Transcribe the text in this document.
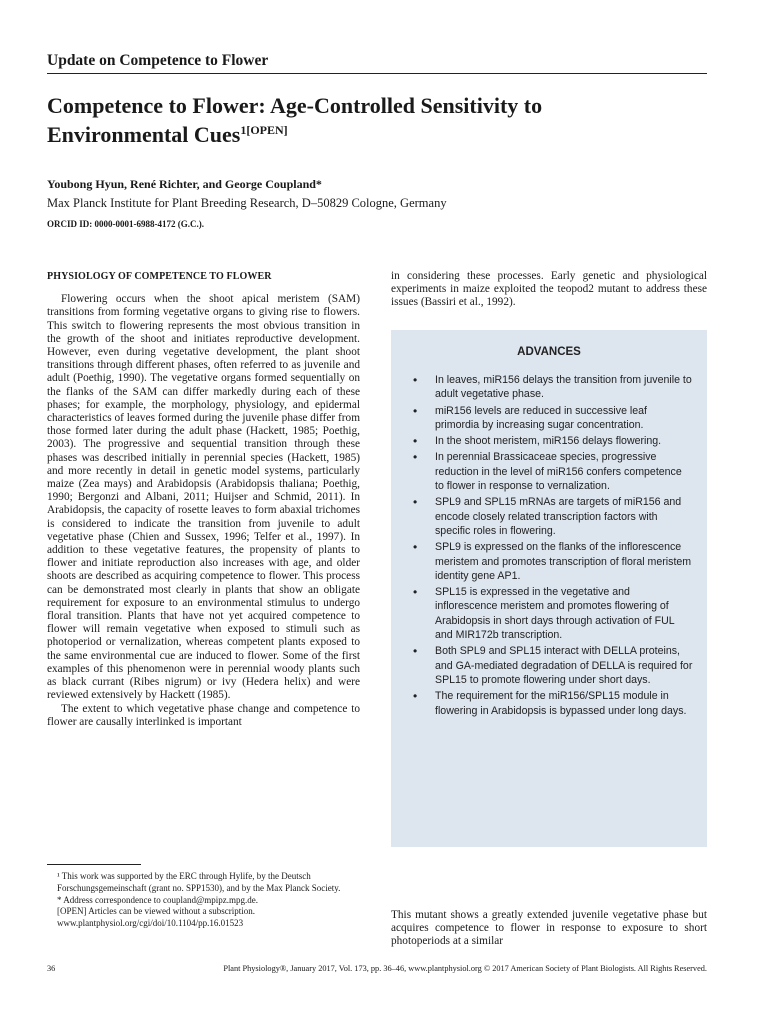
Update on Competence to Flower
Competence to Flower: Age-Controlled Sensitivity to
Environmental Cues$^{1[OPEN]}$
Youbong Hyun, René Richter, and George Coupland*
Max Planck Institute for Plant Breeding Research, D–50829 Cologne, Germany
ORCID ID: 0000-0001-6988-4172 (G.C.).
PHYSIOLOGY OF COMPETENCE TO FLOWER

Flowering occurs when the shoot apical meristem (SAM) transitions from forming vegetative organs to giving rise to flowers. This switch to flowering represents the most obvious transition in the growth of the shoot and initiates reproductive development. However, even during vegetative development, the plant shoot transitions through different phases, often referred to as juvenile and adult (Poethig, 1990). The vegetative organs formed sequentially on the flanks of the SAM can differ markedly during each of these phases; for example, the morphology, physiology, and epidermal characteristics of leaves formed during the juvenile phase differ from those formed later during the adult phase (Hackett, 1985; Poethig, 2003). The progressive and sequential transition through these phases was described initially in perennial species (Hackett, 1985) and more recently in detail in genetic model systems, particularly maize (Zea mays) and Arabidopsis (Arabidopsis thaliana; Poethig, 1990; Bergonzi and Albani, 2011; Huijser and Schmid, 2011). In Arabidopsis, the capacity of rosette leaves to form abaxial trichomes is considered to indicate the transition from juvenile to adult vegetative phase (Chien and Sussex, 1996; Telfer et al., 1997). In addition to these vegetative features, the propensity of plants to flower and initiate reproduction also increases with age, and older shoots are described as acquiring competence to flower. This process can be demonstrated most clearly in plants that show an obligate requirement for exposure to an environmental stimulus to undergo floral transition. Plants that have not yet acquired competence to flower will remain vegetative when exposed to stimuli such as photoperiod or vernalization, whereas competent plants exposed to the same environmental cue are induced to flower. Some of the first examples of this phenomenon were in perennial woody plants such as black currant (Ribes nigrum) or ivy (Hedera helix) and were reviewed extensively by Hackett (1985).

The extent to which vegetative phase change and competence to flower are causally interlinked is important

in considering these processes. Early genetic and physiological experiments in maize exploited the teopod2 mutant to address these issues (Bassiri et al., 1992).

ADVANCES
• In leaves, miR156 delays the transition from juvenile to adult vegetative phase.
• miR156 levels are reduced in successive leaf primordia by increasing sugar concentration.
• In the shoot meristem, miR156 delays flowering.
• In perennial Brassicaceae species, progressive reduction in the level of miR156 confers competence to flower in response to vernalization.
• SPL9 and SPL15 mRNAs are targets of miR156 and encode closely related transcription factors with specific roles in flowering.
• SPL9 is expressed on the flanks of the inflorescence meristem and promotes transcription of floral meristem identity gene AP1.
• SPL15 is expressed in the vegetative and inflorescence meristem and promotes flowering of Arabidopsis in short days through activation of FUL and MIR172b transcription.
• Both SPL9 and SPL15 interact with DELLA proteins, and GA-mediated degradation of DELLA is required for SPL15 to promote flowering under short days.
• The requirement for the miR156/SPL15 module in flowering in Arabidopsis is bypassed under long days.

¹ This work was supported by the ERC through Hylife, by the Deutsch Forschungsgemeinschaft (grant no. SPP1530), and by the Max Planck Society.

* Address correspondence to coupland@mpipz.mpg.de.

[OPEN] Articles can be viewed without a subscription.

www.plantphysiol.org/cgi/doi/10.1104/pp.16.01523

This mutant shows a greatly extended juvenile vegetative phase but acquires competence to flower in response to exposure to short photoperiods at a similar

36	Plant Physiology®, January 2017, Vol. 173, pp. 36–46, www.plantphysiol.org © 2017 American Society of Plant Biologists. All Rights Reserved.
